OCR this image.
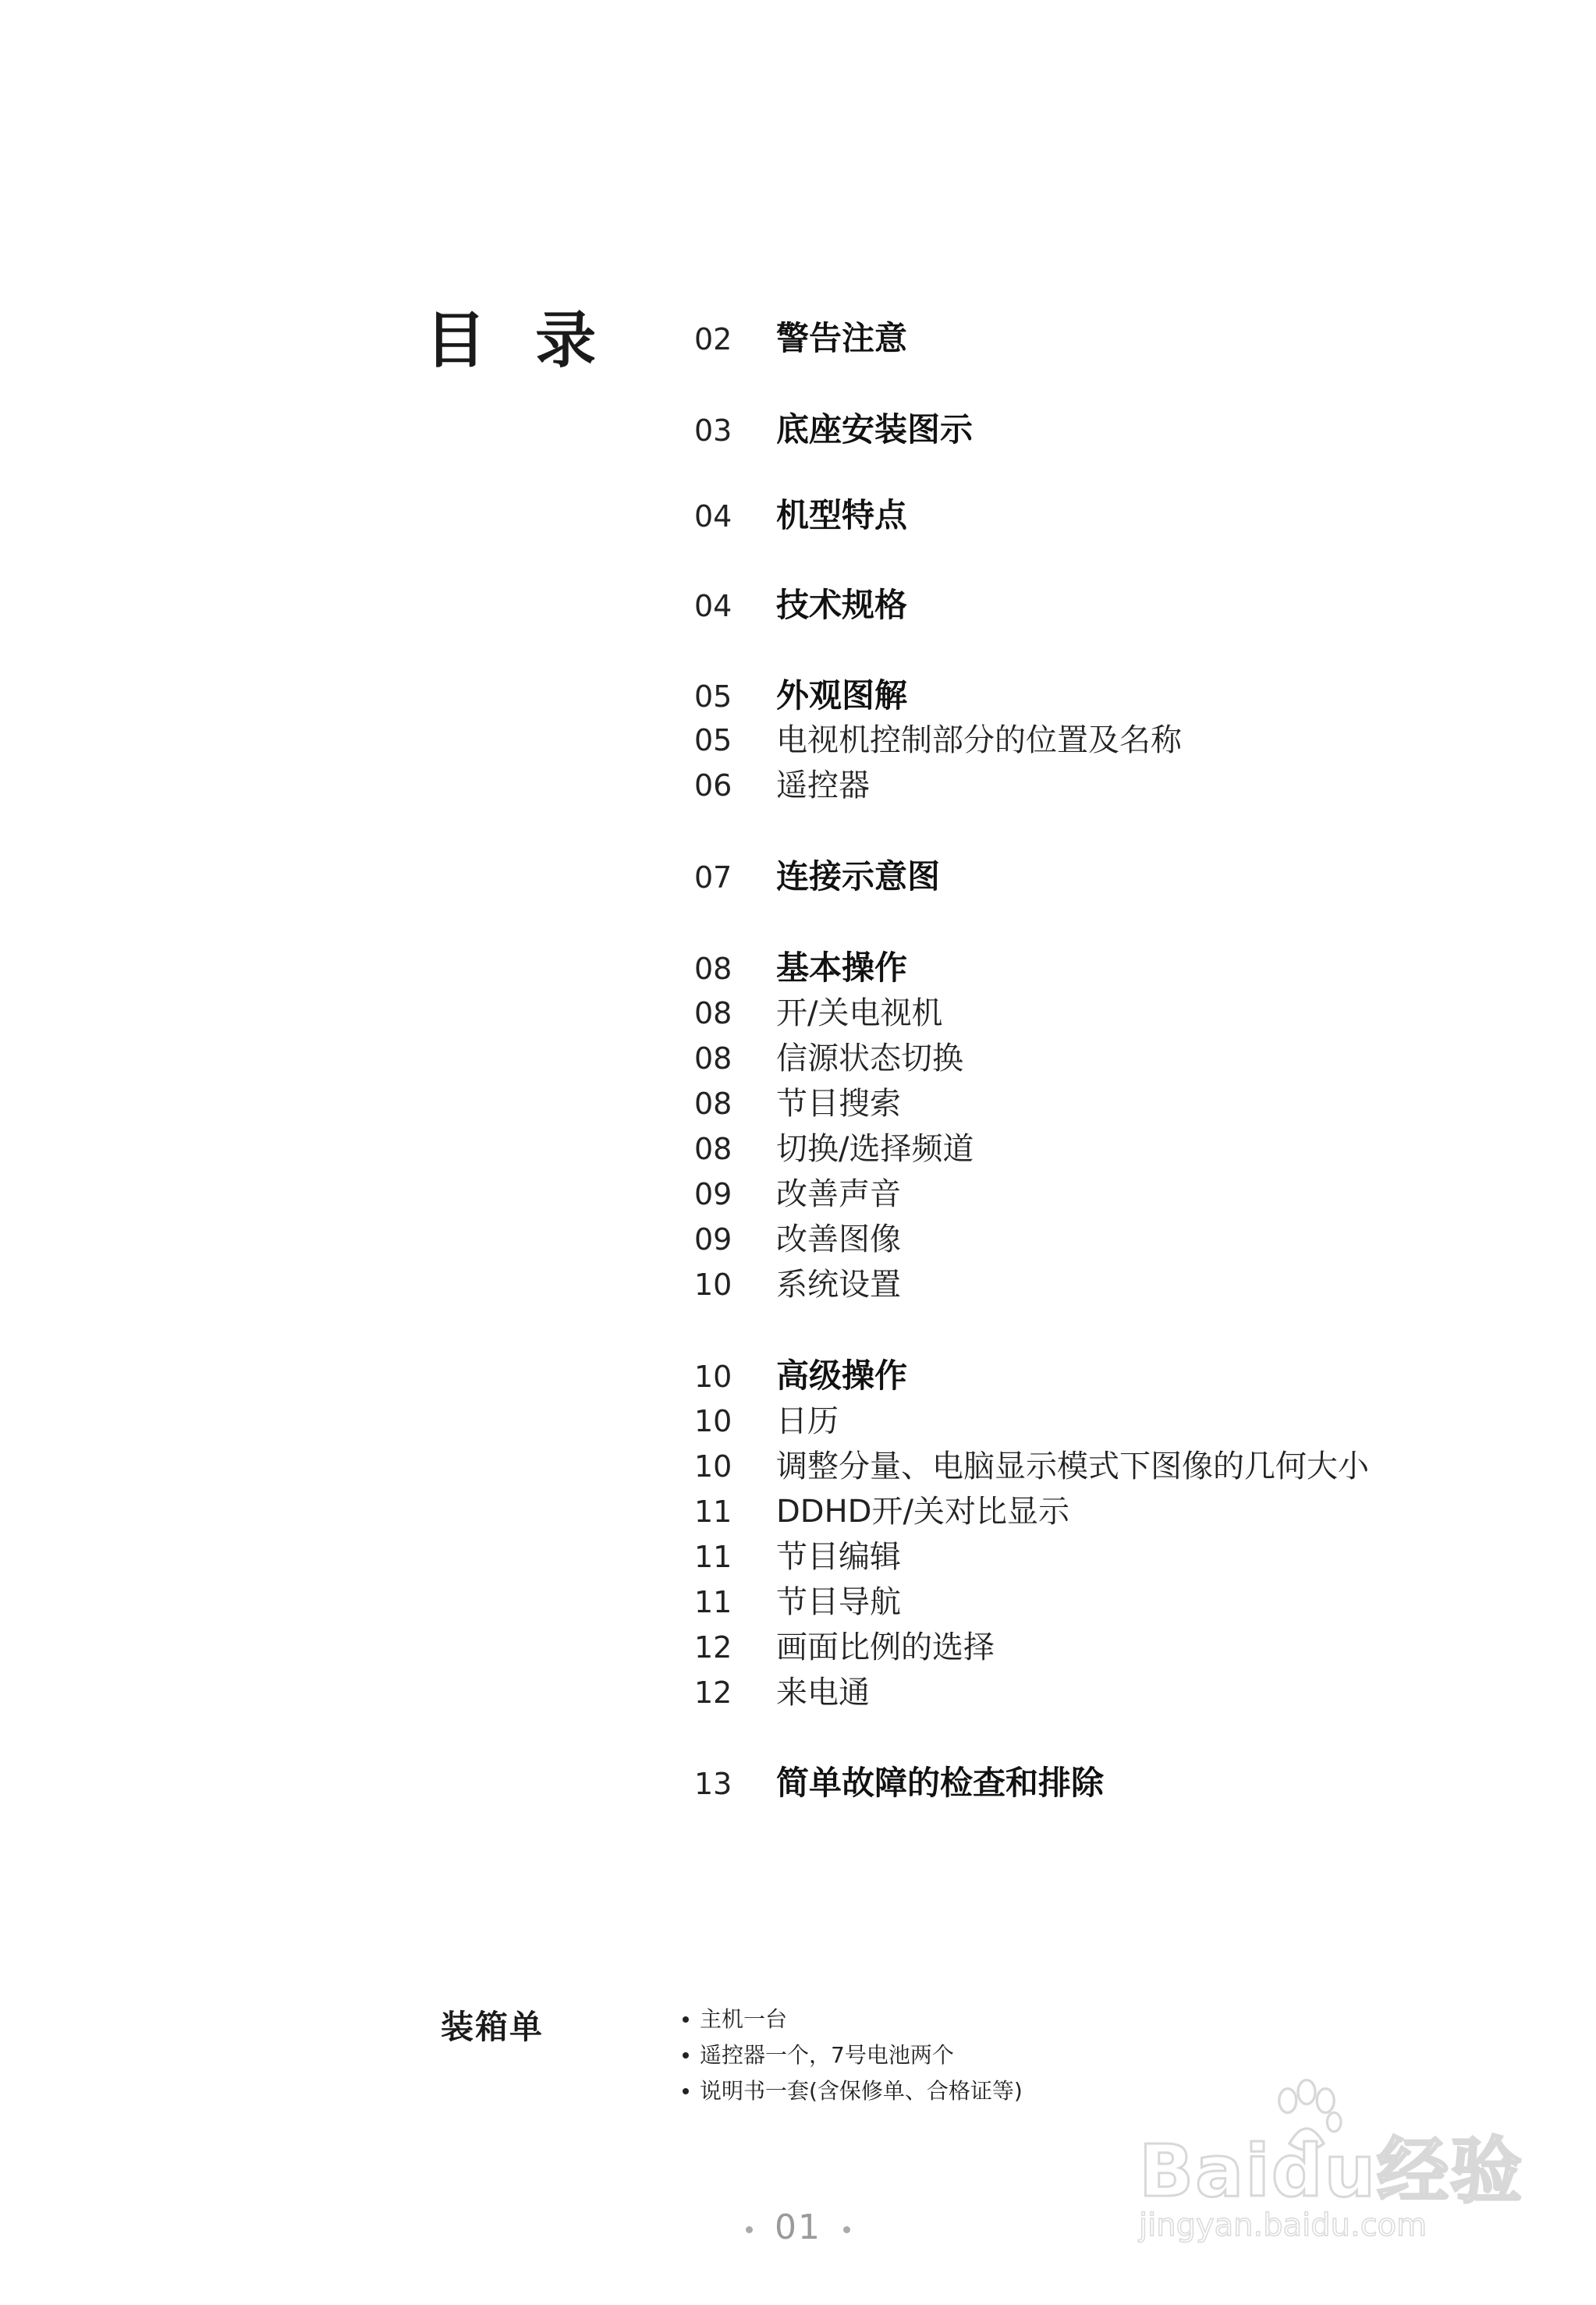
目 录	02 警告注意
03 底座安装图示
04 机型特点
04 技术规格
05 外观图解
05 电视机控制部分的位置及名称
06 遥控器
07 连接示意图
08 基本操作
08 开/关电视机
08 信源状态切换
08 节目搜索
08 切换/选择频道
09 改善声音
09 改善图像
10 系统设置
10 高级操作
10 日历
10 调整分量、电脑显示模式下图像的几何大小
11 DDHD开/关对比显示
11 节目编辑
11 节目导航
12 画面比例的选择
12 来电通
13 简单故障的检查和排除
装箱单	主机一台
遥控器一个，7号电池两个
说明书一套(含保修单、合格证等)
01
Baidu经验
jingyan.baidu.com
